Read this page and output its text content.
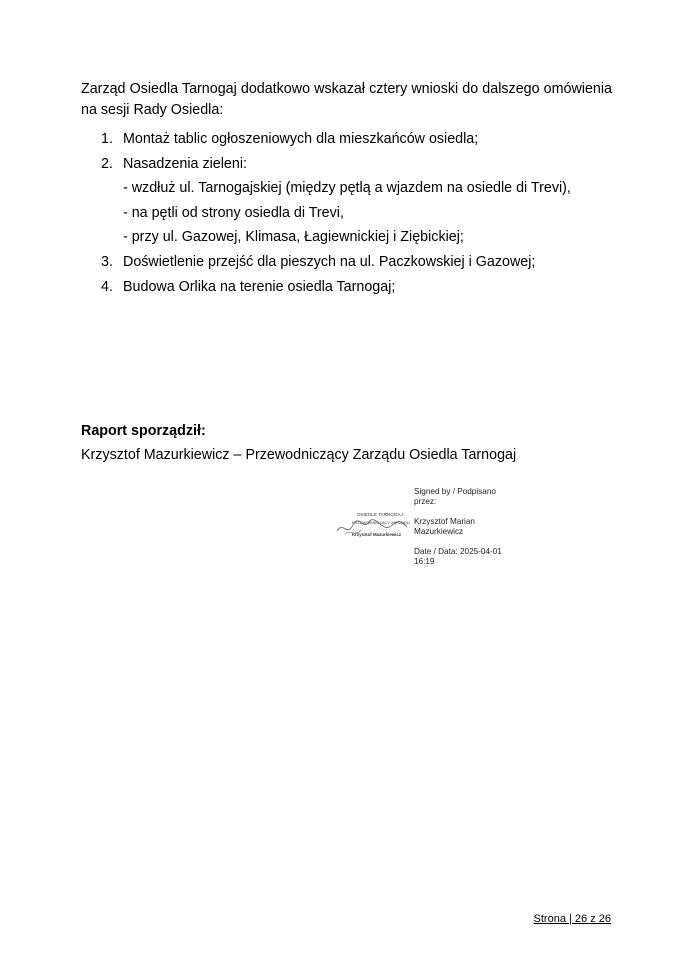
Zarząd Osiedla Tarnogaj dodatkowo wskazał cztery wnioski do dalszego omówienia na sesji Rady Osiedla:
1. Montaż tablic ogłoszeniowych dla mieszkańców osiedla;
2. Nasadzenia zieleni:
- wzdłuż ul. Tarnogajskiej (między pętlą a wjazdem na osiedle di Trevi),
- na pętli od strony osiedla di Trevi,
- przy ul. Gazowej, Klimasa, Łagiewnickiej i Ziębickiej;
3. Doświetlenie przejść dla pieszych na ul. Paczkowskiej i Gazowej;
4. Budowa Orlika na terenie osiedla Tarnogaj;
Raport sporządził:
Krzysztof Mazurkiewicz – Przewodniczący Zarządu Osiedla Tarnogaj
OSIEDLE TARNOGAJ
PRZEWODNICZĄCY ZARZĄDU
Krzysztof Mazurkiewicz
Signed by / Podpisano przez:
Krzysztof Marian Mazurkiewicz
Date / Data: 2025-04-01 16:19
Strona | 26 z 26
